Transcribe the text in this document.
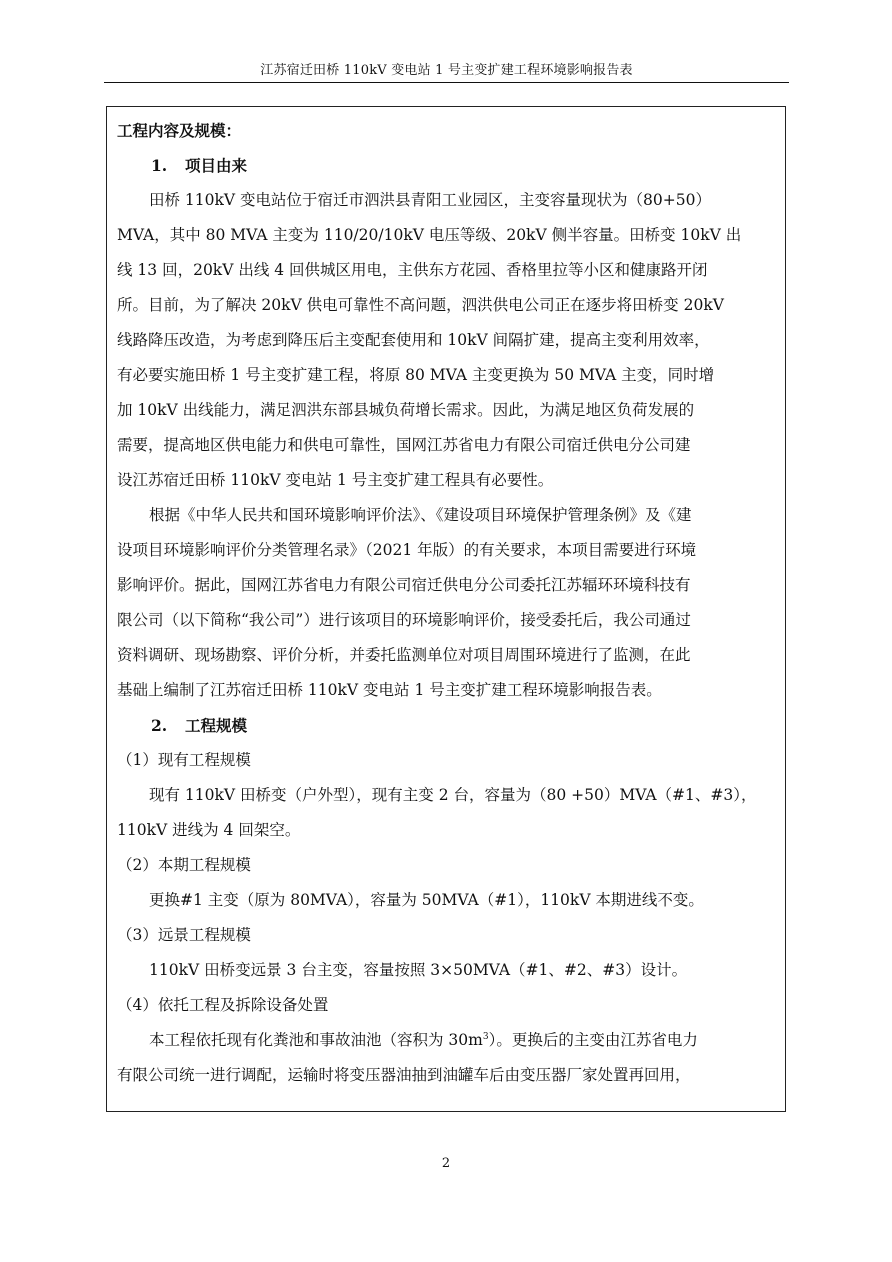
江苏宿迁田桥 110kV 变电站 1 号主变扩建工程环境影响报告表
工程内容及规模：
1. 项目由来
田桥 110kV 变电站位于宿迁市泗洪县青阳工业园区，主变容量现状为（80+50）
MVA，其中 80 MVA 主变为 110/20/10kV 电压等级、20kV 侧半容量。田桥变 10kV 出
线 13 回，20kV 出线 4 回供城区用电，主供东方花园、香格里拉等小区和健康路开闭
所。目前，为了解决 20kV 供电可靠性不高问题，泗洪供电公司正在逐步将田桥变 20kV
线路降压改造，为考虑到降压后主变配套使用和 10kV 间隔扩建，提高主变利用效率，
有必要实施田桥 1 号主变扩建工程，将原 80 MVA 主变更换为 50 MVA 主变，同时增
加 10kV 出线能力，满足泗洪东部县城负荷增长需求。因此，为满足地区负荷发展的
需要，提高地区供电能力和供电可靠性，国网江苏省电力有限公司宿迁供电分公司建
设江苏宿迁田桥 110kV 变电站 1 号主变扩建工程具有必要性。
根据《中华人民共和国环境影响评价法》、《建设项目环境保护管理条例》及《建
设项目环境影响评价分类管理名录》（2021 年版）的有关要求，本项目需要进行环境
影响评价。据此，国网江苏省电力有限公司宿迁供电分公司委托江苏辐环环境科技有
限公司（以下简称“我公司”）进行该项目的环境影响评价，接受委托后，我公司通过
资料调研、现场勘察、评价分析，并委托监测单位对项目周围环境进行了监测，在此
基础上编制了江苏宿迁田桥 110kV 变电站 1 号主变扩建工程环境影响报告表。
2. 工程规模
（1）现有工程规模
现有 110kV 田桥变（户外型），现有主变 2 台，容量为（80 +50）MVA（#1、#3），
110kV 进线为 4 回架空。
（2）本期工程规模
更换#1 主变（原为 80MVA），容量为 50MVA（#1），110kV 本期进线不变。
（3）远景工程规模
110kV 田桥变远景 3 台主变，容量按照 3×50MVA（#1、#2、#3）设计。
（4）依托工程及拆除设备处置
本工程依托现有化粪池和事故油池（容积为 $30m^3$）。更换后的主变由江苏省电力
有限公司统一进行调配，运输时将变压器油抽到油罐车后由变压器厂家处置再回用，
2
